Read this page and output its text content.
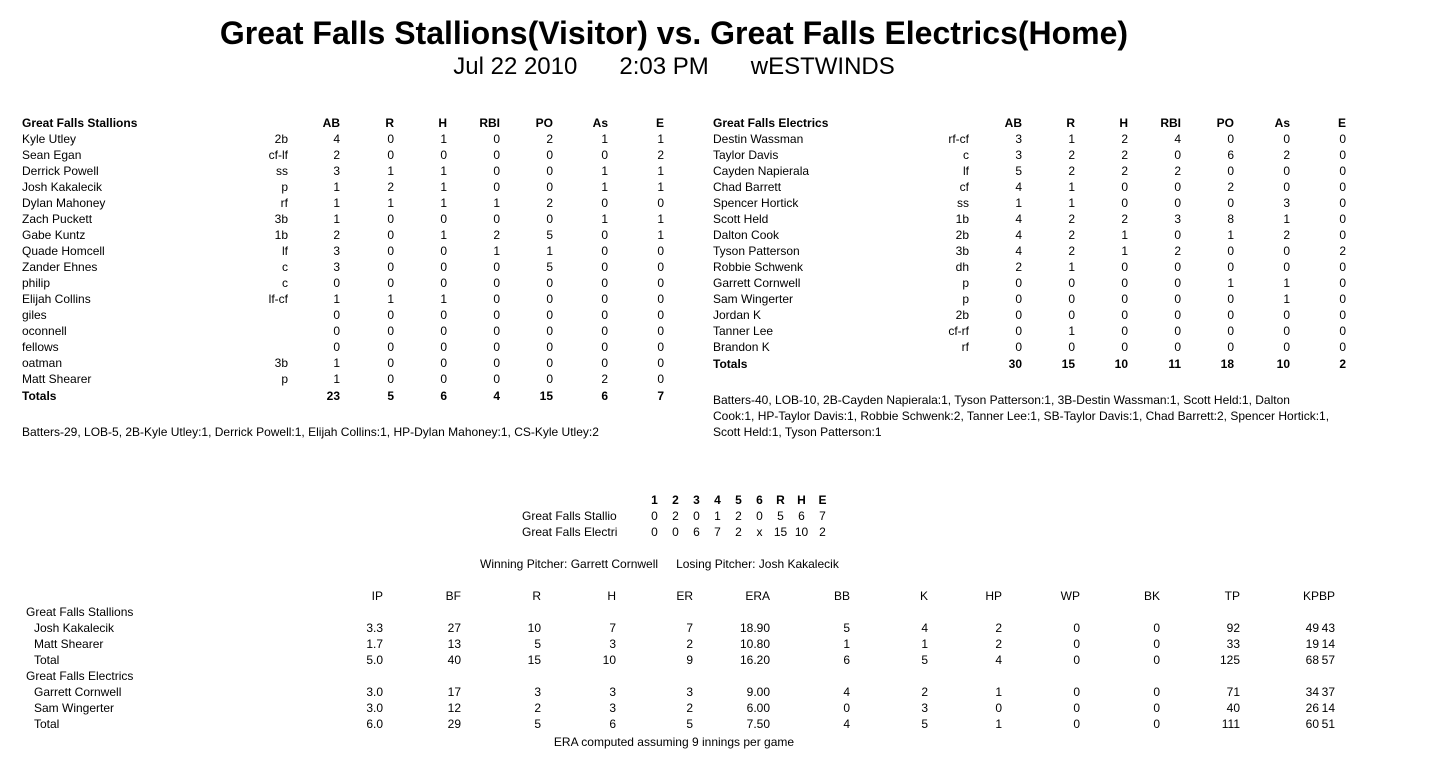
Great Falls Stallions(Visitor) vs. Great Falls Electrics(Home)
Jul 22 2010 2:03 PM wESTWINDS
Great Falls Stallions		AB	R	H	RBI	PO	As	E
Kyle Utley	2b	4	0	1	0	2	1	1
Sean Egan	cf-lf	2	0	0	0	0	0	2
Derrick Powell	ss	3	1	1	0	0	1	1
Josh Kakalecik	p	1	2	1	0	0	1	1
Dylan Mahoney	rf	1	1	1	1	2	0	0
Zach Puckett	3b	1	0	0	0	0	1	1
Gabe Kuntz	1b	2	0	1	2	5	0	1
Quade Homcell	lf	3	0	0	1	1	0	0
Zander Ehnes	c	3	0	0	0	5	0	0
philip	c	0	0	0	0	0	0	0
Elijah Collins	lf-cf	1	1	1	0	0	0	0
giles		0	0	0	0	0	0	0
oconnell		0	0	0	0	0	0	0
fellows		0	0	0	0	0	0	0
oatman	3b	1	0	0	0	0	0	0
Matt Shearer	p	1	0	0	0	0	2	0
Totals		23	5	6	4	15	6	7
Batters-29, LOB-5, 2B-Kyle Utley:1, Derrick Powell:1, Elijah Collins:1, HP-Dylan Mahoney:1, CS-Kyle Utley:2
Great Falls Electrics		AB	R	H	RBI	PO	As	E
Destin Wassman	rf-cf	3	1	2	4	0	0	0
Taylor Davis	c	3	2	2	0	6	2	0
Cayden Napierala	lf	5	2	2	2	0	0	0
Chad Barrett	cf	4	1	0	0	2	0	0
Spencer Hortick	ss	1	1	0	0	0	3	0
Scott Held	1b	4	2	2	3	8	1	0
Dalton Cook	2b	4	2	1	0	1	2	0
Tyson Patterson	3b	4	2	1	2	0	0	2
Robbie Schwenk	dh	2	1	0	0	0	0	0
Garrett Cornwell	p	0	0	0	0	1	1	0
Sam Wingerter	p	0	0	0	0	0	1	0
Jordan K	2b	0	0	0	0	0	0	0
Tanner Lee	cf-rf	0	1	0	0	0	0	0
Brandon K	rf	0	0	0	0	0	0	0
Totals		30	15	10	11	18	10	2
Batters-40, LOB-10, 2B-Cayden Napierala:1, Tyson Patterson:1, 3B-Destin Wassman:1, Scott Held:1, Dalton Cook:1, HP-Taylor Davis:1, Robbie Schwenk:2, Tanner Lee:1, SB-Taylor Davis:1, Chad Barrett:2, Spencer Hortick:1, Scott Held:1, Tyson Patterson:1
	1	2	3	4	5	6	R	H	E
Great Falls Stallio	0	2	0	1	2	0	5	6	7
Great Falls Electri	0	0	6	7	2	x	15	10	2
Winning Pitcher: Garrett Cornwell Losing Pitcher: Josh Kakalecik
		IP	BF	R	H	ER	ERA	BB	K	HP	WP	BK	TP	KP	BP
Great Falls Stallions															
Josh Kakalecik		3.3	27	10	7	7	18.90	5	4	2	0	0	92	49	43
Matt Shearer		1.7	13	5	3	2	10.80	1	1	2	0	0	33	19	14
Total		5.0	40	15	10	9	16.20	6	5	4	0	0	125	68	57
Great Falls Electrics															
Garrett Cornwell		3.0	17	3	3	3	9.00	4	2	1	0	0	71	34	37
Sam Wingerter		3.0	12	2	3	2	6.00	0	3	0	0	0	40	26	14
Total		6.0	29	5	6	5	7.50	4	5	1	0	0	111	60	51
ERA computed assuming 9 innings per game
